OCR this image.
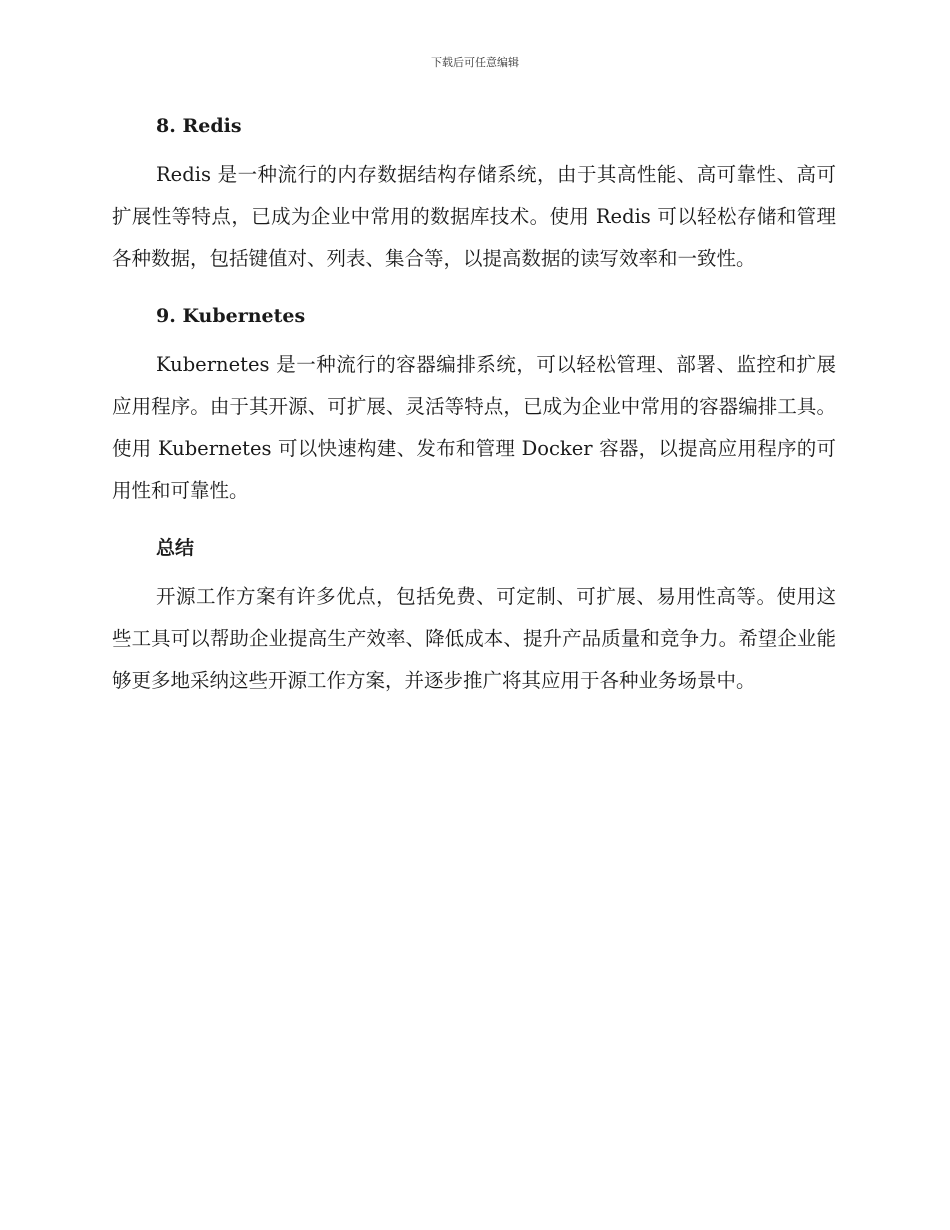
下载后可任意编辑
8. Redis

Redis 是一种流行的内存数据结构存储系统，由于其高性能、高可靠性、高可扩展性等特点，已成为企业中常用的数据库技术。使用 Redis 可以轻松存储和管理各种数据，包括键值对、列表、集合等，以提高数据的读写效率和一致性。

9. Kubernetes

Kubernetes 是一种流行的容器编排系统，可以轻松管理、部署、监控和扩展应用程序。由于其开源、可扩展、灵活等特点，已成为企业中常用的容器编排工具。使用 Kubernetes 可以快速构建、发布和管理 Docker 容器，以提高应用程序的可用性和可靠性。

总结

开源工作方案有许多优点，包括免费、可定制、可扩展、易用性高等。使用这些工具可以帮助企业提高生产效率、降低成本、提升产品质量和竞争力。希望企业能够更多地采纳这些开源工作方案，并逐步推广将其应用于各种业务场景中。
